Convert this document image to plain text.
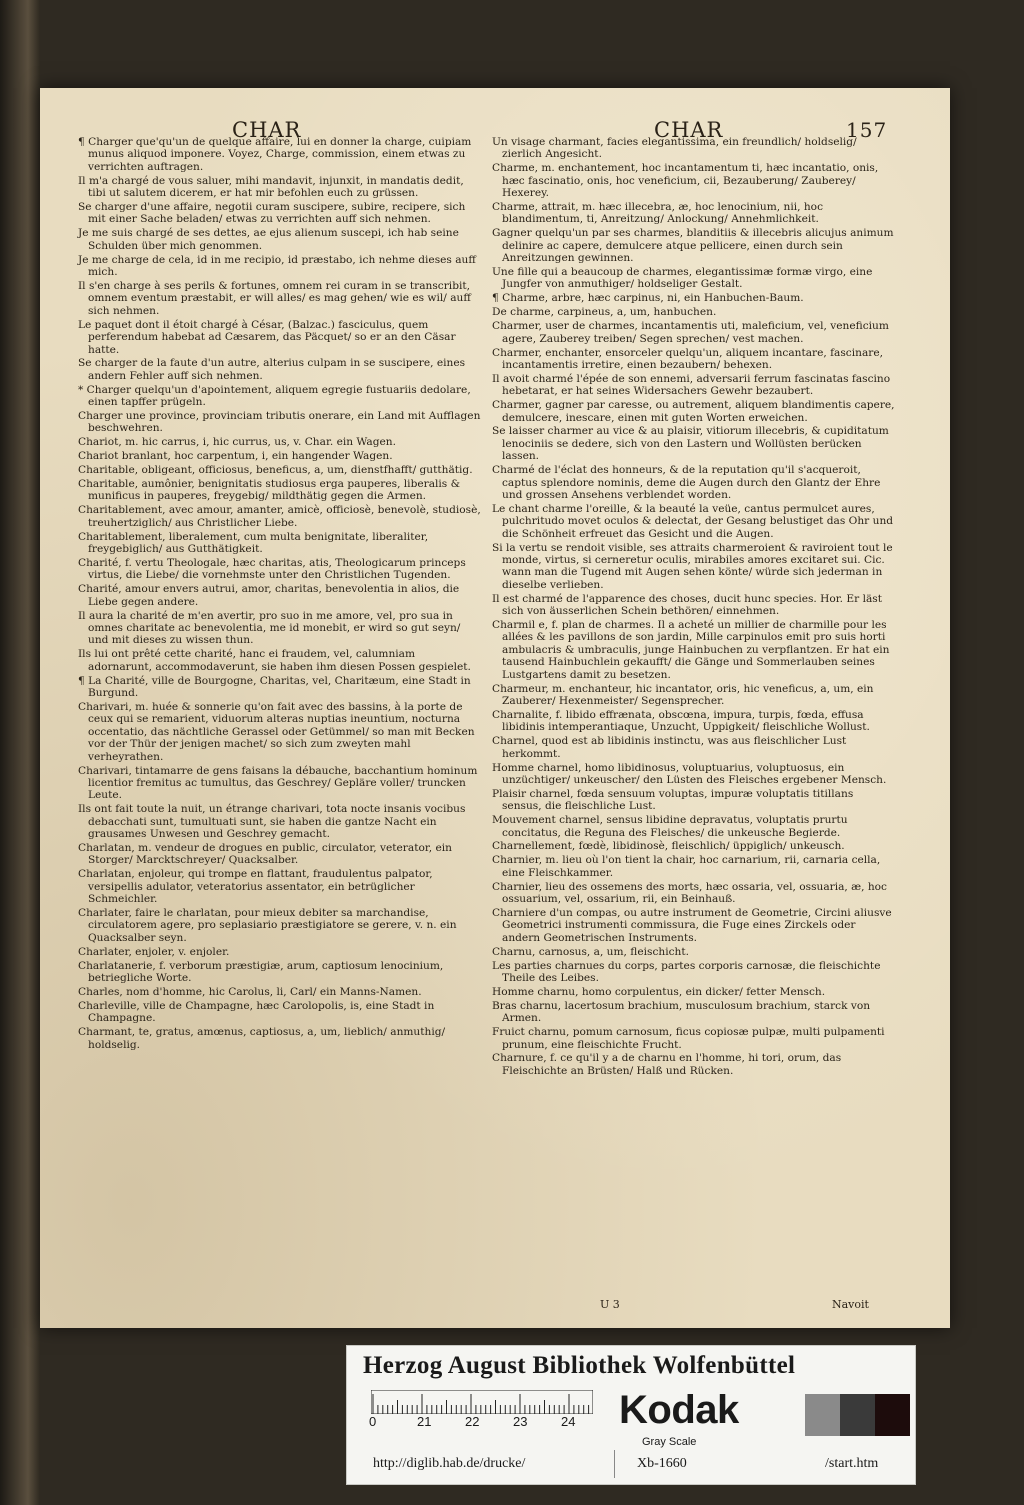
CHAR	CHAR	157
¶ Charger que'qu'un de quelque affaire, lui en donner la charge, cuipiam munus aliquod imponere. Voyez, Charge, commission, einem etwas zu verrichten auftragen.
Il m'a chargé de vous saluer, mihi mandavit, injunxit, in mandatis dedit, tibi ut salutem dicerem, er hat mir befohlen euch zu grüssen.
Se charger d'une affaire, negotii curam suscipere, subire, recipere, sich mit einer Sache beladen/ etwas zu verrichten auff sich nehmen.
Je me suis chargé de ses dettes, ae ejus alienum suscepi, ich hab seine Schulden über mich genommen.
Je me charge de cela, id in me recipio, id præstabo, ich nehme dieses auff mich.
Il s'en charge à ses perils & fortunes, omnem rei curam in se transcribit, omnem eventum præstabit, er will alles/ es mag gehen/ wie es wil/ auff sich nehmen.
Le paquet dont il étoit chargé à César, (Balzac.) fasciculus, quem perferendum habebat ad Cæsarem, das Päcquet/ so er an den Cäsar hatte.
Se charger de la faute d'un autre, alterius culpam in se suscipere, eines andern Fehler auff sich nehmen.
* Charger quelqu'un d'apointement, aliquem egregie fustuariis dedolare, einen tapffer prügeln.
Charger une province, provinciam tributis onerare, ein Land mit Aufflagen beschwehren.
Chariot, m. hic carrus, i, hic currus, us, v. Char. ein Wagen.
Chariot branlant, hoc carpentum, i, ein hangender Wagen.
Charitable, obligeant, officiosus, beneficus, a, um, dienstfhafft/ gutthätig.
Charitable, aumônier, benignitatis studiosus erga pauperes, liberalis & munificus in pauperes, freygebig/ mildthätig gegen die Armen.
Charitablement, avec amour, amanter, amicè, officiosè, benevolè, studiosè, treuhertziglich/ aus Christlicher Liebe.
Charitablement, liberalement, cum multa benignitate, liberaliter, freygebiglich/ aus Gutthätigkeit.
Charité, f. vertu Theologale, hæc charitas, atis, Theologicarum princeps virtus, die Liebe/ die vornehmste unter den Christlichen Tugenden.
Charité, amour envers autrui, amor, charitas, benevolentia in alios, die Liebe gegen andere.
Il aura la charité de m'en avertir, pro suo in me amore, vel, pro sua in omnes charitate ac benevolentia, me id monebit, er wird so gut seyn/ und mit dieses zu wissen thun.
Ils lui ont prêté cette charité, hanc ei fraudem, vel, calumniam adornarunt, accommodaverunt, sie haben ihm diesen Possen gespielet.
¶ La Charité, ville de Bourgogne, Charitas, vel, Charitæum, eine Stadt in Burgund.
Charivari, m. huée & sonnerie qu'on fait avec des bassins, à la porte de ceux qui se remarient, viduorum alteras nuptias ineuntium, nocturna occentatio, das nächtliche Gerassel oder Getümmel/ so man mit Becken vor der Thür der jenigen machet/ so sich zum zweyten mahl verheyrathen.
Charivari, tintamarre de gens faisans la débauche, bacchantium hominum licentior fremitus ac tumultus, das Geschrey/ Gepläre voller/ truncken Leute.
Ils ont fait toute la nuit, un étrange charivari, tota nocte insanis vocibus debacchati sunt, tumultuati sunt, sie haben die gantze Nacht ein grausames Unwesen und Geschrey gemacht.
Charlatan, m. vendeur de drogues en public, circulator, veterator, ein Storger/ Marcktschreyer/ Quacksalber.
Charlatan, enjoleur, qui trompe en flattant, fraudulentus palpator, versipellis adulator, veteratorius assentator, ein betrüglicher Schmeichler.
Charlater, faire le charlatan, pour mieux debiter sa marchandise, circulatorem agere, pro seplasiario præstigiatore se gerere, v. n. ein Quacksalber seyn.
Charlater, enjoler, v. enjoler.
Charlatanerie, f. verborum præstigiæ, arum, captiosum lenocinium, betriegliche Worte.
Charles, nom d'homme, hic Carolus, li, Carl/ ein Manns-Namen.
Charleville, ville de Champagne, hæc Carolopolis, is, eine Stadt in Champagne.
Charmant, te, gratus, amœnus, captiosus, a, um, lieblich/ anmuthig/ holdselig.
Un visage charmant, facies elegantissima, ein freundlich/ holdselig/ zierlich Angesicht.
Charme, m. enchantement, hoc incantamentum ti, hæc incantatio, onis, hæc fascinatio, onis, hoc veneficium, cii, Bezauberung/ Zauberey/ Hexerey.
Charme, attrait, m. hæc illecebra, æ, hoc lenocinium, nii, hoc blandimentum, ti, Anreitzung/ Anlockung/ Annehmlichkeit.
Gagner quelqu'un par ses charmes, blanditiis & illecebris alicujus animum delinire ac capere, demulcere atque pellicere, einen durch sein Anreitzungen gewinnen.
Une fille qui a beaucoup de charmes, elegantissimæ formæ virgo, eine Jungfer von anmuthiger/ holdseliger Gestalt.
¶ Charme, arbre, hæc carpinus, ni, ein Hanbuchen-Baum.
De charme, carpineus, a, um, hanbuchen.
Charmer, user de charmes, incantamentis uti, maleficium, vel, veneficium agere, Zauberey treiben/ Segen sprechen/ vest machen.
Charmer, enchanter, ensorceler quelqu'un, aliquem incantare, fascinare, incantamentis irretire, einen bezaubern/ behexen.
Il avoit charmé l'épée de son ennemi, adversarii ferrum fascinatas fascino hebetarat, er hat seines Widersachers Gewehr bezaubert.
Charmer, gagner par caresse, ou autrement, aliquem blandimentis capere, demulcere, inescare, einen mit guten Worten erweichen.
Se laisser charmer au vice & au plaisir, vitiorum illecebris, & cupiditatum lenociniis se dedere, sich von den Lastern und Wollüsten berücken lassen.
Charmé de l'éclat des honneurs, & de la reputation qu'il s'acqueroit, captus splendore nominis, deme die Augen durch den Glantz der Ehre und grossen Ansehens verblendet worden.
Le chant charme l'oreille, & la beauté la veüe, cantus permulcet aures, pulchritudo movet oculos & delectat, der Gesang belustiget das Ohr und die Schönheit erfreuet das Gesicht und die Augen.
Si la vertu se rendoit visible, ses attraits charmeroient & raviroient tout le monde, virtus, si cerneretur oculis, mirabiles amores excitaret sui. Cic. wann man die Tugend mit Augen sehen könte/ würde sich jederman in dieselbe verlieben.
Il est charmé de l'apparence des choses, ducit hunc species. Hor. Er läst sich von äusserlichen Schein bethören/ einnehmen.
Charmil e, f. plan de charmes. Il a acheté un millier de charmille pour les allées & les pavillons de son jardin, Mille carpinulos emit pro suis horti ambulacris & umbraculis, junge Hainbuchen zu verpflantzen. Er hat ein tausend Hainbuchlein gekaufft/ die Gänge und Sommerlauben seines Lustgartens damit zu besetzen.
Charmeur, m. enchanteur, hic incantator, oris, hic veneficus, a, um, ein Zauberer/ Hexenmeister/ Segensprecher.
Charnalite, f. libido effrænata, obscœna, impura, turpis, fœda, effusa libidinis intemperantiaque, Unzucht, Uppigkeit/ fleischliche Wollust.
Charnel, quod est ab libidinis instinctu, was aus fleischlicher Lust herkommt.
Homme charnel, homo libidinosus, voluptuarius, voluptuosus, ein unzüchtiger/ unkeuscher/ den Lüsten des Fleisches ergebener Mensch.
Plaisir charnel, fœda sensuum voluptas, impuræ voluptatis titillans sensus, die fleischliche Lust.
Mouvement charnel, sensus libidine depravatus, voluptatis prurtu concitatus, die Reguna des Fleisches/ die unkeusche Begierde.
Charnellement, fœdè, libidinosè, fleischlich/ üppiglich/ unkeusch.
Charnier, m. lieu où l'on tient la chair, hoc carnarium, rii, carnaria cella, eine Fleischkammer.
Charnier, lieu des ossemens des morts, hæc ossaria, vel, ossuaria, æ, hoc ossuarium, vel, ossarium, rii, ein Beinhauß.
Charniere d'un compas, ou autre instrument de Geometrie, Circini aliusve Geometrici instrumenti commissura, die Fuge eines Zirckels oder andern Geometrischen Instruments.
Charnu, carnosus, a, um, fleischicht.
Les parties charnues du corps, partes corporis carnosæ, die fleischichte Theile des Leibes.
Homme charnu, homo corpulentus, ein dicker/ fetter Mensch.
Bras charnu, lacertosum brachium, musculosum brachium, starck von Armen.
Fruict charnu, pomum carnosum, ficus copiosæ pulpæ, multi pulpamenti prunum, eine fleischichte Frucht.
Charnure, f. ce qu'il y a de charnu en l'homme, hi tori, orum, das Fleischichte an Brüsten/ Halß und Rücken.
U 3	Navoit
Herzog August Bibliothek Wolfenbüttel
0	21	22	23	24 Kodak
Gray Scale
http://diglib.hab.de/drucke/	Xb-1660	/start.htm
